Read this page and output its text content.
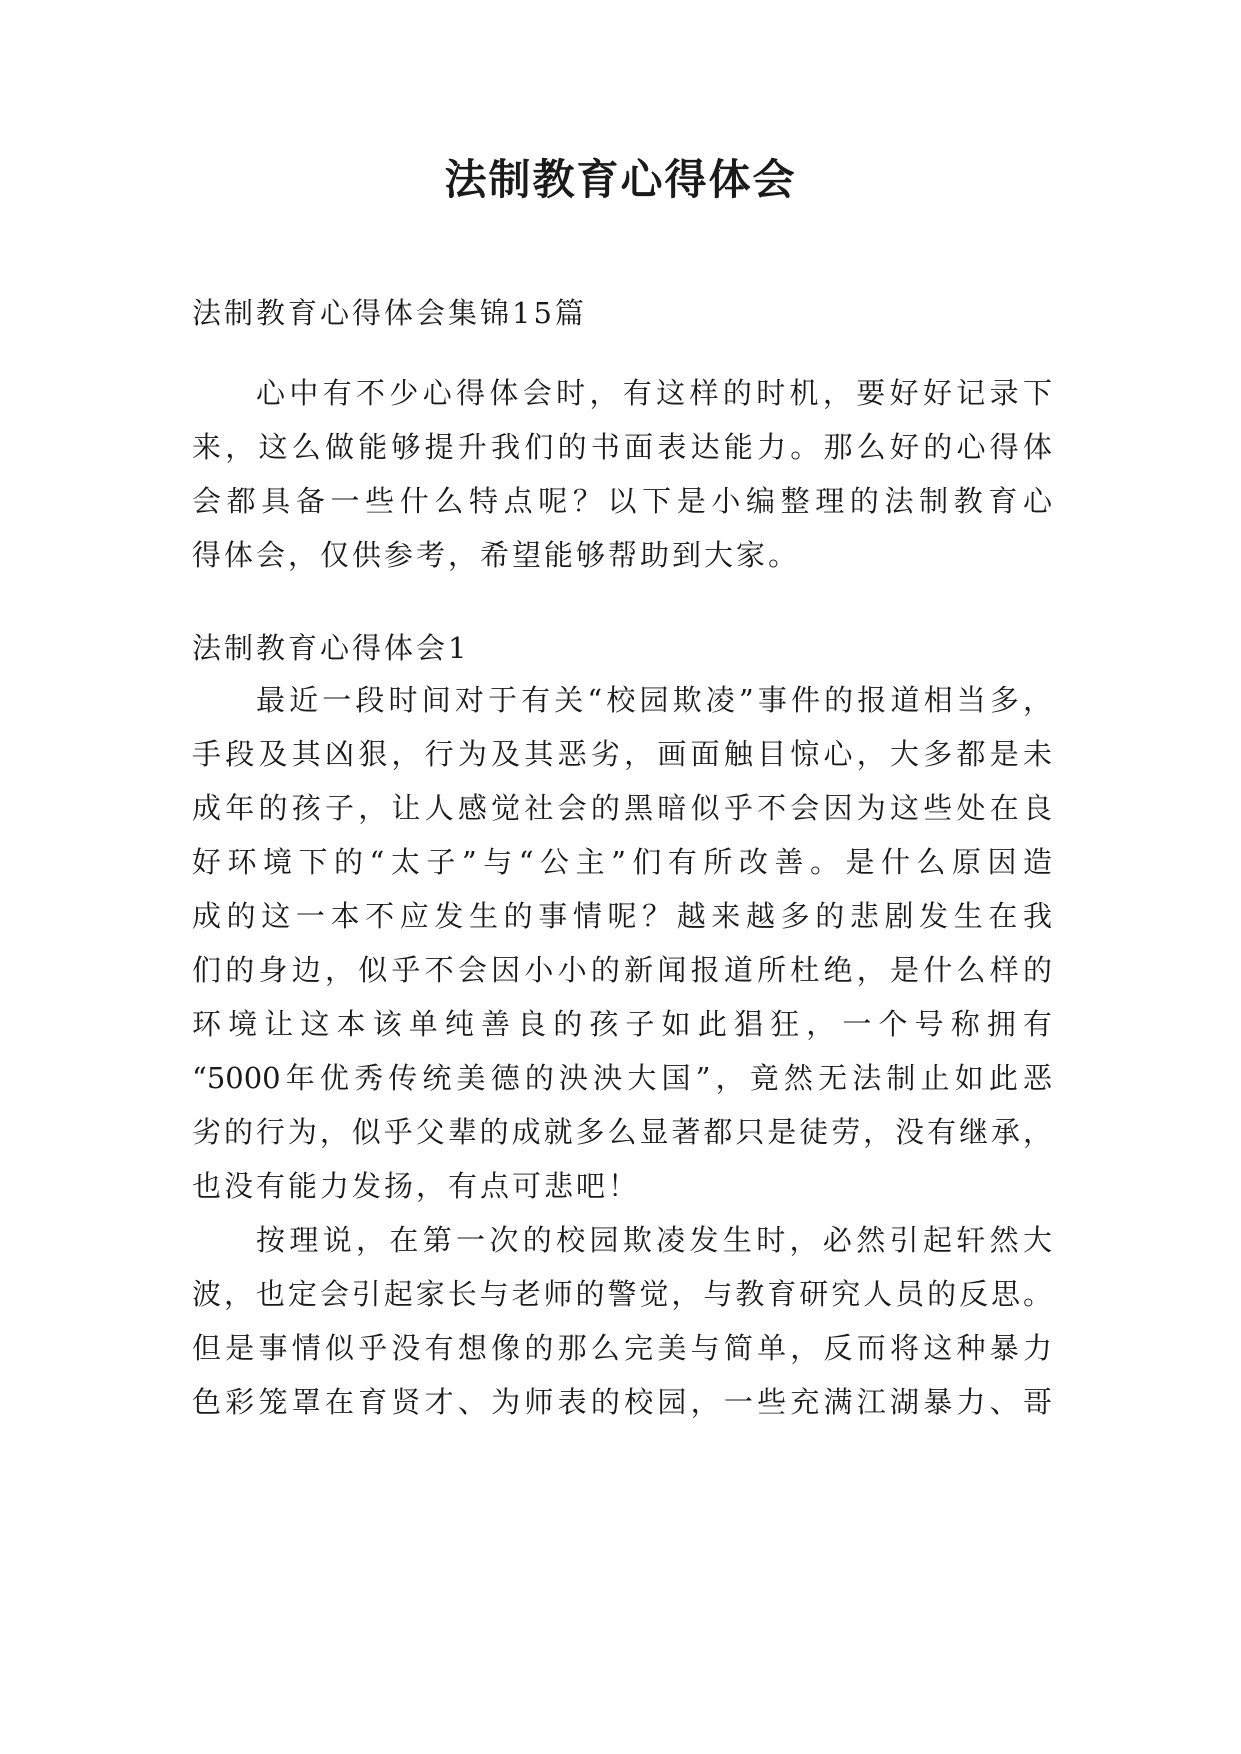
法制教育心得体会

法制教育心得体会集锦15篇

心中有不少心得体会时，有这样的时机，要好好记录下

来，这么做能够提升我们的书面表达能力。那么好的心得体

会都具备一些什么特点呢？以下是小编整理的法制教育心

得体会，仅供参考，希望能够帮助到大家。

法制教育心得体会1

最近一段时间对于有关“校园欺凌”事件的报道相当多，

手段及其凶狠，行为及其恶劣，画面触目惊心，大多都是未

成年的孩子，让人感觉社会的黑暗似乎不会因为这些处在良

好环境下的“太子”与“公主”们有所改善。是什么原因造

成的这一本不应发生的事情呢？越来越多的悲剧发生在我

们的身边，似乎不会因小小的新闻报道所杜绝，是什么样的

环境让这本该单纯善良的孩子如此猖狂，一个号称拥有

“5000年优秀传统美德的泱泱大国”，竟然无法制止如此恶

劣的行为，似乎父辈的成就多么显著都只是徒劳，没有继承，

也没有能力发扬，有点可悲吧！

按理说，在第一次的校园欺凌发生时，必然引起轩然大

波，也定会引起家长与老师的警觉，与教育研究人员的反思。

但是事情似乎没有想像的那么完美与简单，反而将这种暴力

色彩笼罩在育贤才、为师表的校园，一些充满江湖暴力、哥
